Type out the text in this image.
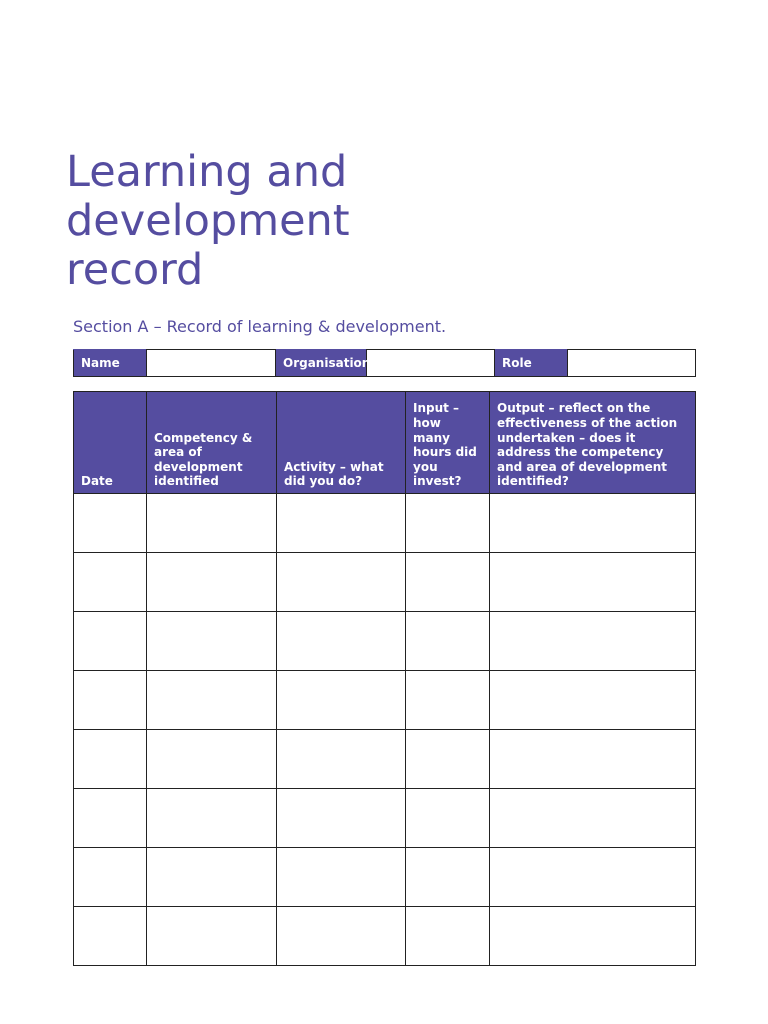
Learning and
development
record
Section A – Record of learning & development.
Name		Organisation		Role	
Date	Competency & area of development identified	Activity – what did you do?	Input – how many hours did you invest?	Output – reflect on the effectiveness of the action undertaken – does it address the competency and area of development identified?
